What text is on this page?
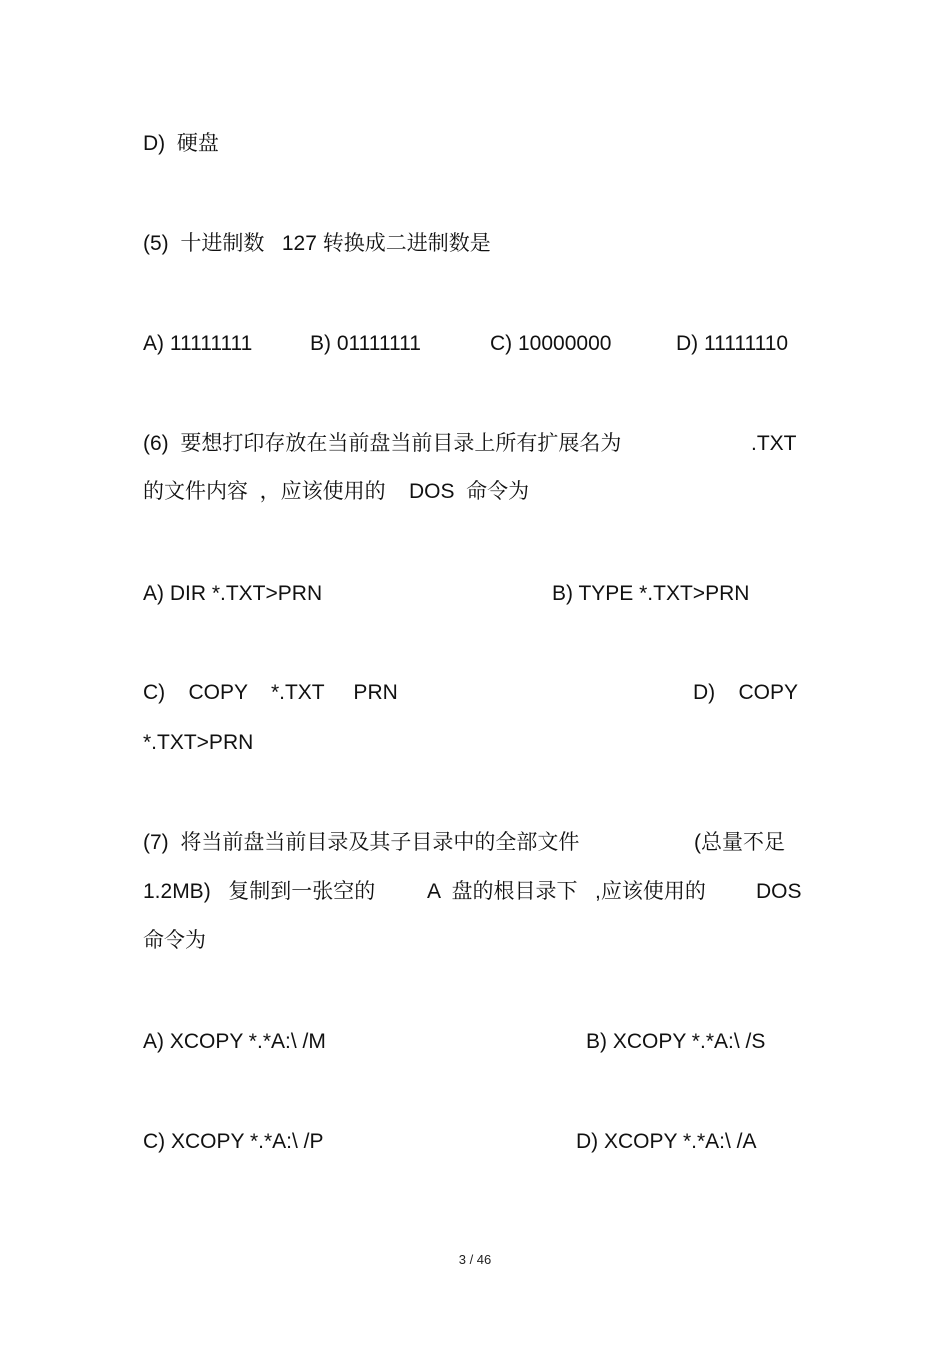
D)  硬盘
(5)  十进制数   127 转换成二进制数是
A) 11111111	B) 01111111	C) 10000000	D) 11111110
(6)  要想打印存放在当前盘当前目录上所有扩展名为	.TXT
的文件内容  ，应该使用的    DOS  命令为
A) DIR *.TXT>PRN	B) TYPE *.TXT>PRN
C)    COPY    *.TXT     PRN	D)    COPY
*.TXT>PRN
(7)  将当前盘当前目录及其子目录中的全部文件	(总量不足
1.2MB)   复制到一张空的 A  盘的根目录下   ,应该使用的 DOS
命令为
A) XCOPY *.*A:\ /M	B) XCOPY *.*A:\ /S
C) XCOPY *.*A:\ /P	D) XCOPY *.*A:\ /A
3 / 46
